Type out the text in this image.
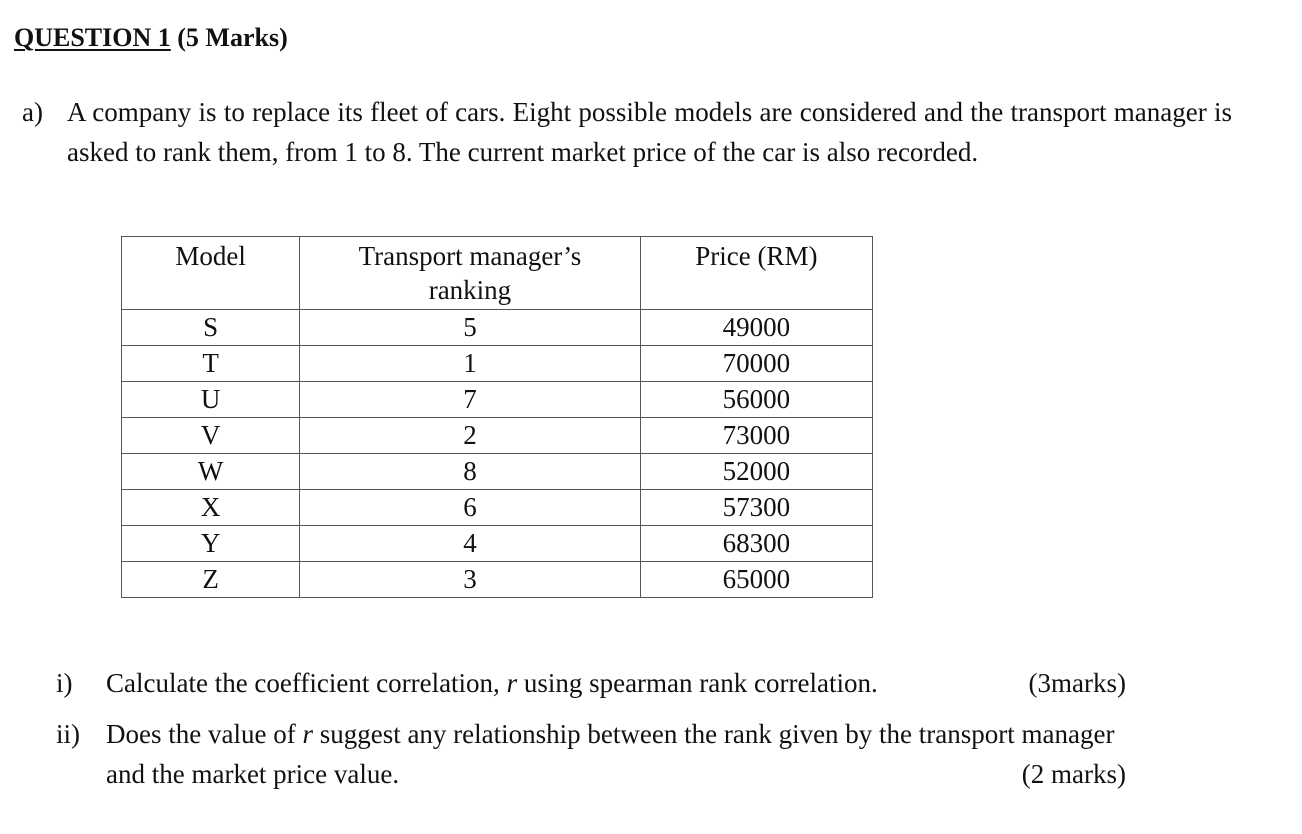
QUESTION 1 (5 Marks)
a) A company is to replace its fleet of cars. Eight possible models are considered and the transport manager is asked to rank them, from 1 to 8. The current market price of the car is also recorded.
Model	Transport manager’s ranking	Price (RM)
S	5	49000
T	1	70000
U	7	56000
V	2	73000
W	8	52000
X	6	57300
Y	4	68300
Z	3	65000
i) Calculate the coefficient correlation, r using spearman rank correlation.	(3marks)
ii) Does the value of r suggest any relationship between the rank given by the transport manager and the market price value.	(2 marks)
